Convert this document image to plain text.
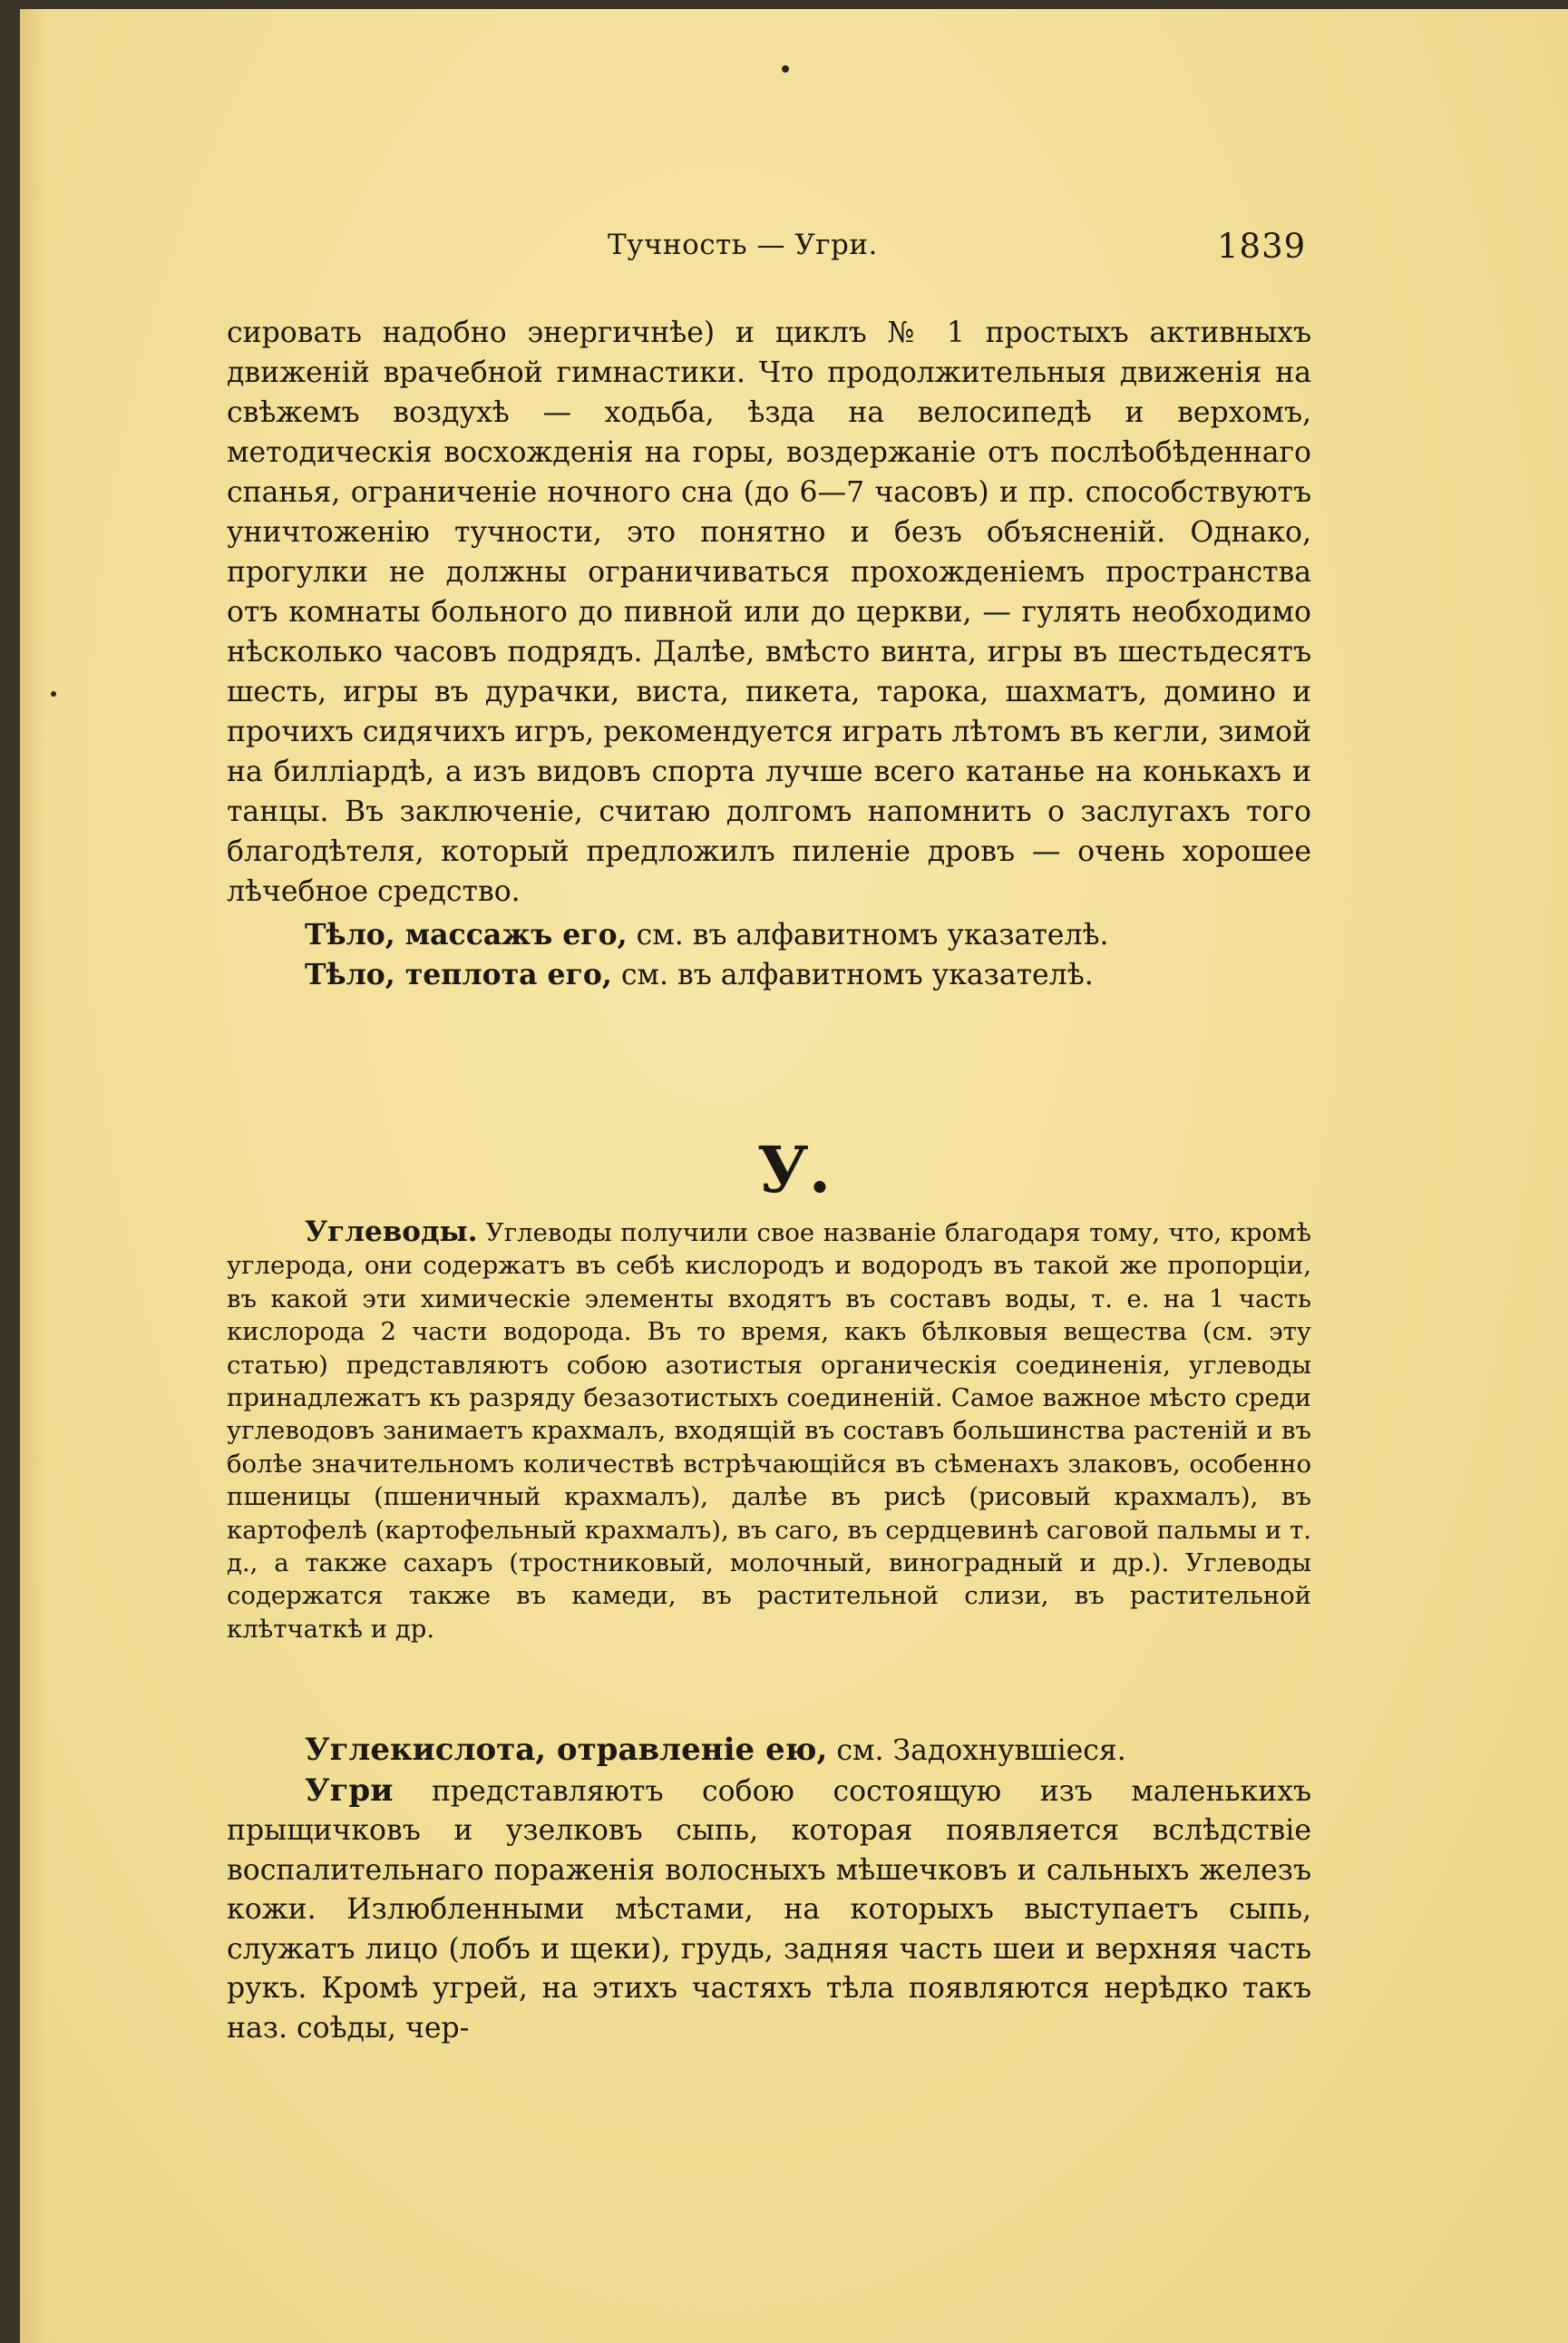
Тучность — Угри.	1839

сировать надобно энергичнѣе) и циклъ № 1 простыхъ активныхъ движеній врачебной гимнастики. Что продолжительныя движенія на свѣжемъ воздухѣ — ходьба, ѣзда на велосипедѣ и верхомъ, методическія восхожденія на горы, воздержаніе отъ послѣобѣденнаго спанья, ограниченіе ночного сна (до 6—7 часовъ) и пр. способствуютъ уничтоженію тучности, это понятно и безъ объясненій. Однако, прогулки не должны ограничиваться прохожденіемъ пространства отъ комнаты больного до пивной или до церкви, — гулять необходимо нѣсколько часовъ подрядъ. Далѣе, вмѣсто винта, игры въ шестьдесятъ шесть, игры въ дурачки, виста, пикета, тарока, шахматъ, домино и прочихъ сидячихъ игръ, рекомендуется играть лѣтомъ въ кегли, зимой на билліардѣ, а изъ видовъ спорта лучше всего катанье на конькахъ и танцы. Въ заключеніе, считаю долгомъ напомнить о заслугахъ того благодѣтеля, который предложилъ пиленіе дровъ — очень хорошее лѣчебное средство.

Тѣло, массажъ его, см. въ алфавитномъ указателѣ.

Тѣло, теплота его, см. въ алфавитномъ указателѣ.

У.

Углеводы. Углеводы получили свое названіе благодаря тому, что, кромѣ углерода, они содержатъ въ себѣ кислородъ и водородъ въ такой же пропорціи, въ какой эти химическіе элементы входятъ въ составъ воды, т. е. на 1 часть кислорода 2 части водорода. Въ то время, какъ бѣлковыя вещества (см. эту статью) представляютъ собою азотистыя органическія соединенія, углеводы принадлежатъ къ разряду безазотистыхъ соединеній. Самое важное мѣсто среди углеводовъ занимаетъ крахмалъ, входящій въ составъ большинства растеній и въ болѣе значительномъ количествѣ встрѣчающійся въ сѣменахъ злаковъ, особенно пшеницы (пшеничный крахмалъ), далѣе въ рисѣ (рисовый крахмалъ), въ картофелѣ (картофельный крахмалъ), въ саго, въ сердцевинѣ саговой пальмы и т. д., а также сахаръ (тростниковый, молочный, виноградный и др.). Углеводы содержатся также въ камеди, въ растительной слизи, въ растительной клѣтчаткѣ и др.

Углекислота, отравленіе ею, см. Задохнувшіеся.

Угри представляютъ собою состоящую изъ маленькихъ прыщичковъ и узелковъ сыпь, которая появляется вслѣдствіе воспалительнаго пораженія волосныхъ мѣшечковъ и сальныхъ железъ кожи. Излюбленными мѣстами, на которыхъ выступаетъ сыпь, служатъ лицо (лобъ и щеки), грудь, задняя часть шеи и верхняя часть рукъ. Кромѣ угрей, на этихъ частяхъ тѣла появляются нерѣдко такъ наз. соѣды, чер-
